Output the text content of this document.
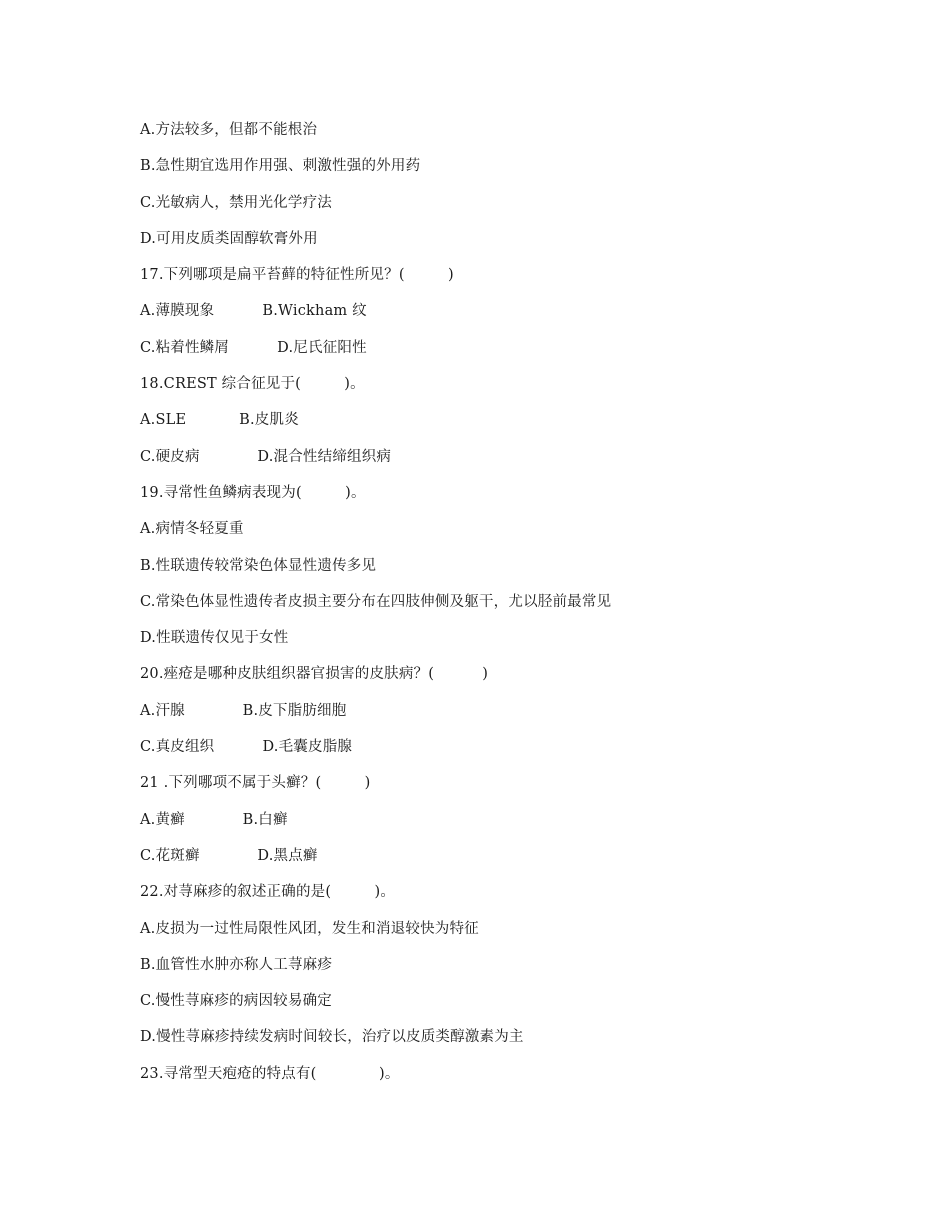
A.方法较多，但都不能根治
B.急性期宜选用作用强、刺激性强的外用药
C.光敏病人，禁用光化学疗法
D.可用皮质类固醇软膏外用
17.下列哪项是扁平苔藓的特征性所见？(         )
A.薄膜现象          B.Wickham 纹
C.粘着性鳞屑          D.尼氏征阳性
18.CREST 综合征见于(         )。
A.SLE           B.皮肌炎
C.硬皮病            D.混合性结缔组织病
19.寻常性鱼鳞病表现为(         )。
A.病情冬轻夏重
B.性联遗传较常染色体显性遗传多见
C.常染色体显性遗传者皮损主要分布在四肢伸侧及躯干，尤以胫前最常见
D.性联遗传仅见于女性
20.痤疮是哪种皮肤组织器官损害的皮肤病？(          )
A.汗腺            B.皮下脂肪细胞
C.真皮组织          D.毛囊皮脂腺
21 .下列哪项不属于头癣？(         )
A.黄癣            B.白癣
C.花斑癣            D.黑点癣
22.对荨麻疹的叙述正确的是(         )。
A.皮损为一过性局限性风团，发生和消退较快为特征
B.血管性水肿亦称人工荨麻疹
C.慢性荨麻疹的病因较易确定
D.慢性荨麻疹持续发病时间较长，治疗以皮质类醇激素为主
23.寻常型天疱疮的特点有(             )。
